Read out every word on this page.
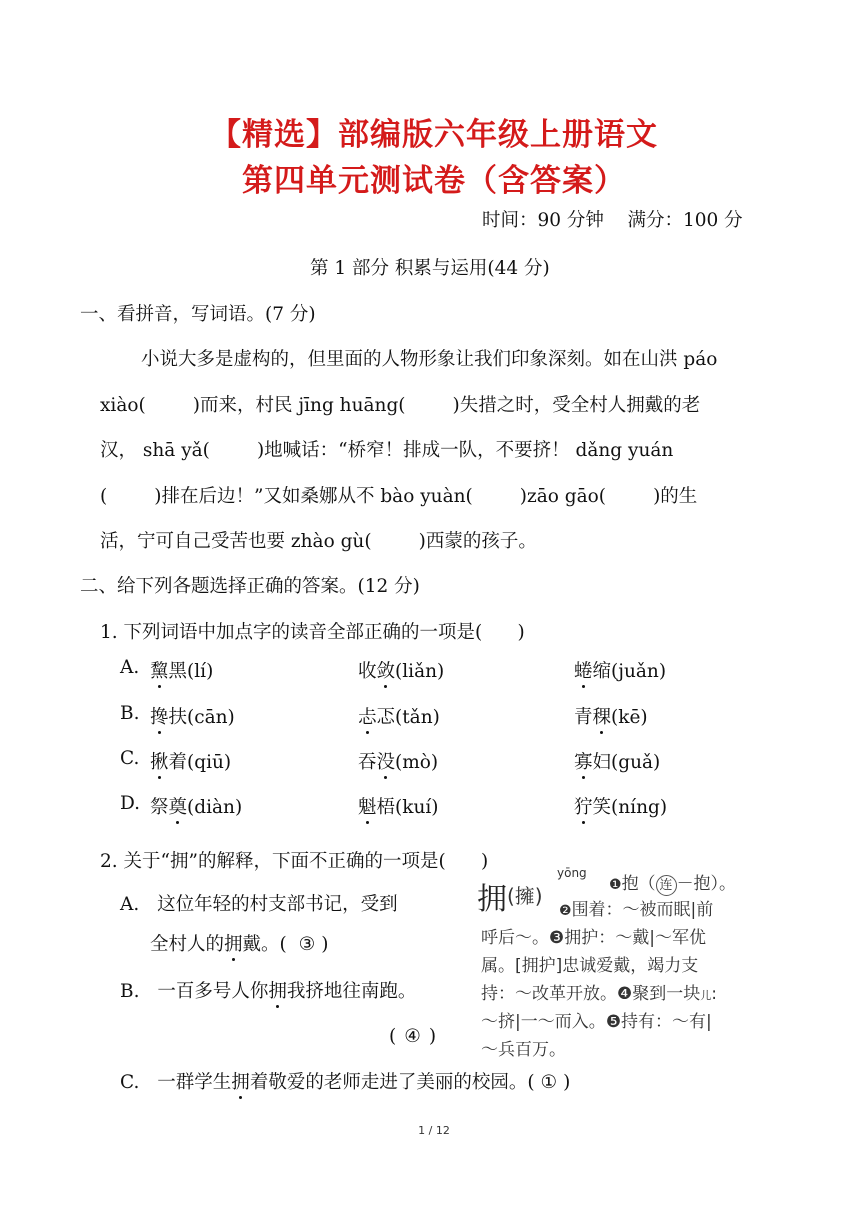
【精选】部编版六年级上册语文
第四单元测试卷（含答案）
时间：90 分钟    满分：100 分
第 1 部分 积累与运用(44 分)
一、看拼音，写词语。(7 分)
小说大多是虚构的，但里面的人物形象让我们印象深刻。如在山洪 páo
xiào(        )而来，村民 jīng huāng(        )失措之时，受全村人拥戴的老
汉， shā yǎ(        )地喊话：“桥窄！排成一队，不要挤！ dǎng yuán
(        )排在后边！”又如桑娜从不 bào yuàn(        )zāo gāo(        )的生
活，宁可自己受苦也要 zhào gù(        )西蒙的孩子。
二、给下列各题选择正确的答案。(12 分)
1. 下列词语中加点字的读音全部正确的一项是(      )
A. 黧黑(lí)	收敛(liǎn)	蜷缩(juǎn)
B. 搀扶(cān)	忐忑(tǎn)	青稞(kē)
C. 揪着(qiū)	吞没(mò)	寡妇(guǎ)
D. 祭奠(diàn)	魁梧(kuí)	狞笑(níng)
2. 关于“拥”的解释，下面不正确的一项是(      )
A. 这位年轻的村支部书记，受到
全村人的拥戴。( ③ )
B. 一百多号人你拥我挤地往南跑。
( ④ )
C. 一群学生拥着敬爱的老师走进了美丽的校园。( ① )
拥 (擁)
yōng
❶抱（ 连 －抱）。
❷围着：～被而眠|前
呼后～。❸拥护：～戴|～军优
属。[拥护]忠诚爱戴，竭力支
持：～改革开放。❹聚到一块儿:
～挤|一～而入。❺持有：～有|
～兵百万。
1 / 12
